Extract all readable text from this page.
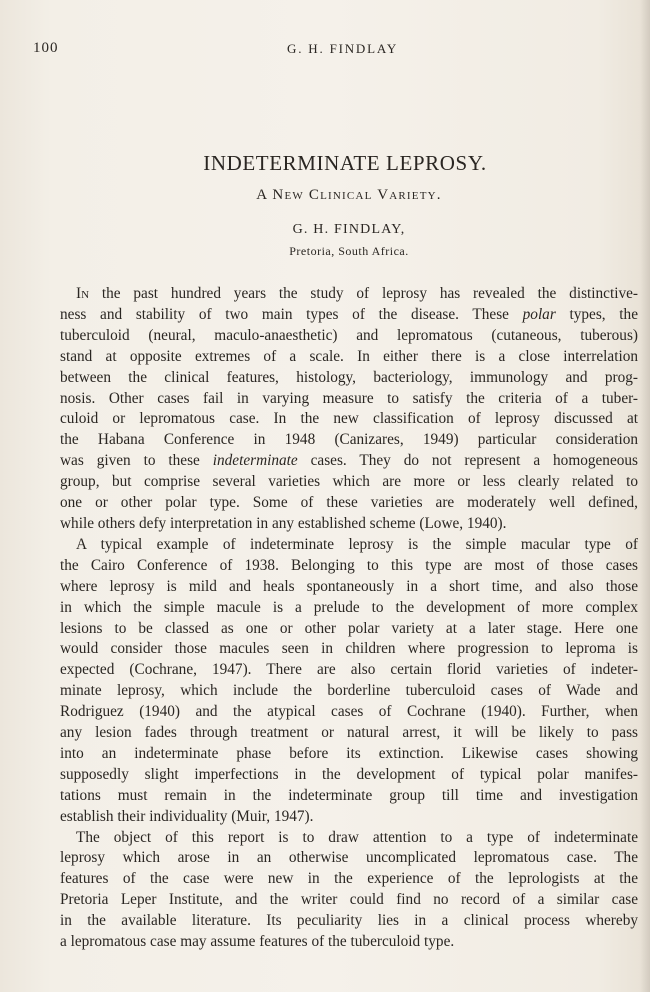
100	G. H. FINDLAY
INDETERMINATE LEPROSY.
A New Clinical Variety.
G. H. FINDLAY,
Pretoria, South Africa.
In the past hundred years the study of leprosy has revealed the distinctive-
ness and stability of two main types of the disease. These polar types, the
tuberculoid (neural, maculo-anaesthetic) and lepromatous (cutaneous, tuberous)
stand at opposite extremes of a scale. In either there is a close interrelation
between the clinical features, histology, bacteriology, immunology and prog-
nosis. Other cases fail in varying measure to satisfy the criteria of a tuber-
culoid or lepromatous case. In the new classification of leprosy discussed at
the Habana Conference in 1948 (Canizares, 1949) particular consideration
was given to these indeterminate cases. They do not represent a homogeneous
group, but comprise several varieties which are more or less clearly related to
one or other polar type. Some of these varieties are moderately well defined,
while others defy interpretation in any established scheme (Lowe, 1940).
A typical example of indeterminate leprosy is the simple macular type of
the Cairo Conference of 1938. Belonging to this type are most of those cases
where leprosy is mild and heals spontaneously in a short time, and also those
in which the simple macule is a prelude to the development of more complex
lesions to be classed as one or other polar variety at a later stage. Here one
would consider those macules seen in children where progression to lepromа is
expected (Cochrane, 1947). There are also certain florid varieties of indeter-
minate leprosy, which include the borderline tuberculoid cases of Wade and
Rodriguez (1940) and the atypical cases of Cochrane (1940). Further, when
any lesion fades through treatment or natural arrest, it will be likely to pass
into an indeterminate phase before its extinction. Likewise cases showing
supposedly slight imperfections in the development of typical polar manifes-
tations must remain in the indeterminate group till time and investigation
establish their individuality (Muir, 1947).
The object of this report is to draw attention to a type of indeterminate
leprosy which arose in an otherwise uncomplicated lepromatous case. The
features of the case were new in the experience of the leprologists at the
Pretoria Leper Institute, and the writer could find no record of a similar case
in the available literature. Its peculiarity lies in a clinical process whereby
a lepromatous case may assume features of the tuberculoid type.
